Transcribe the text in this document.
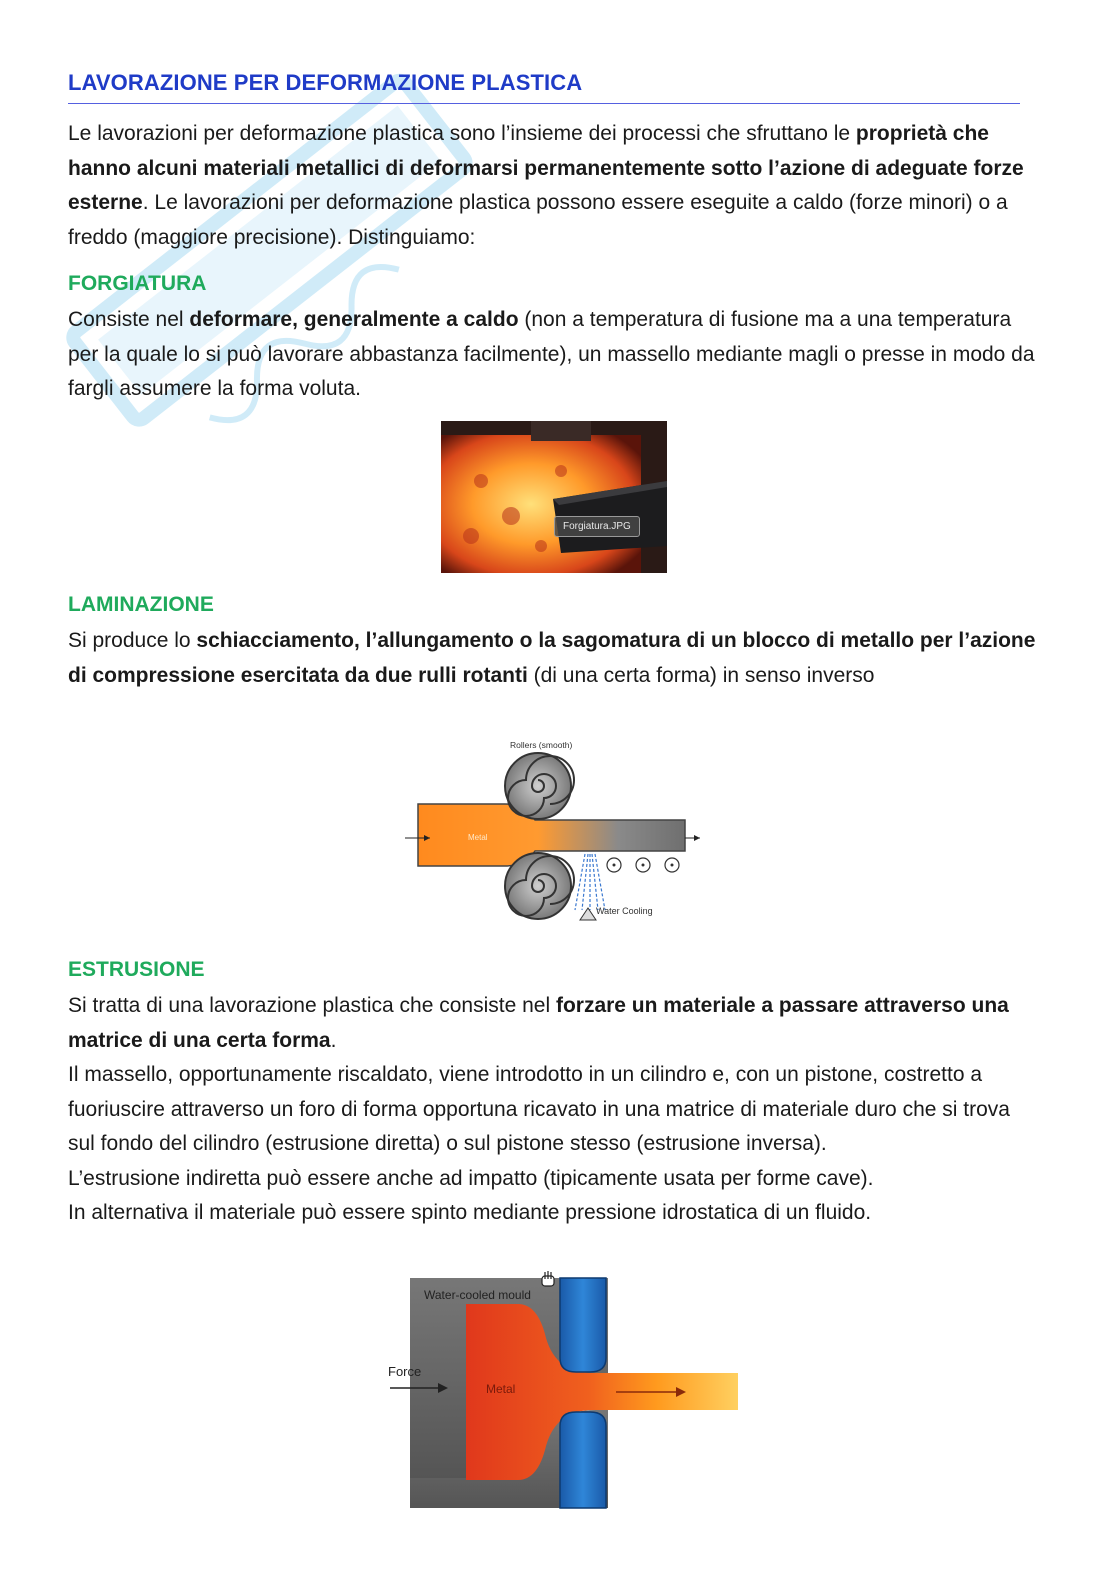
LAVORAZIONE PER DEFORMAZIONE PLASTICA

Le lavorazioni per deformazione plastica sono l’insieme dei processi che sfruttano le proprietà che hanno alcuni materiali metallici di deformarsi permanentemente sotto l’azione di adeguate forze esterne. Le lavorazioni per deformazione plastica possono essere eseguite a caldo (forze minori) o a freddo (maggiore precisione). Distinguiamo:

FORGIATURA

Consiste nel deformare, generalmente a caldo (non a temperatura di fusione ma a una temperatura per la quale lo si può lavorare abbastanza facilmente), un massello mediante magli o presse in modo da fargli assumere la forma voluta.

Forgiatura.JPG
LAMINAZIONE

Si produce lo schiacciamento, l’allungamento o la sagomatura di un blocco di metallo per l’azione di compressione esercitata da due rulli rotanti (di una certa forma) in senso inverso

Rollers (smooth)
Metal
Water Cooling
ESTRUSIONE

Si tratta di una lavorazione plastica che consiste nel forzare un materiale a passare attraverso una matrice di una certa forma.

Il massello, opportunamente riscaldato, viene introdotto in un cilindro e, con un pistone, costretto a fuoriuscire attraverso un foro di forma opportuna ricavato in una matrice di materiale duro che si trova sul fondo del cilindro (estrusione diretta) o sul pistone stesso (estrusione inversa).

L’estrusione indiretta può essere anche ad impatto (tipicamente usata per forme cave).

In alternativa il materiale può essere spinto mediante pressione idrostatica di un fluido.

Water-cooled mould
Force
Metal
